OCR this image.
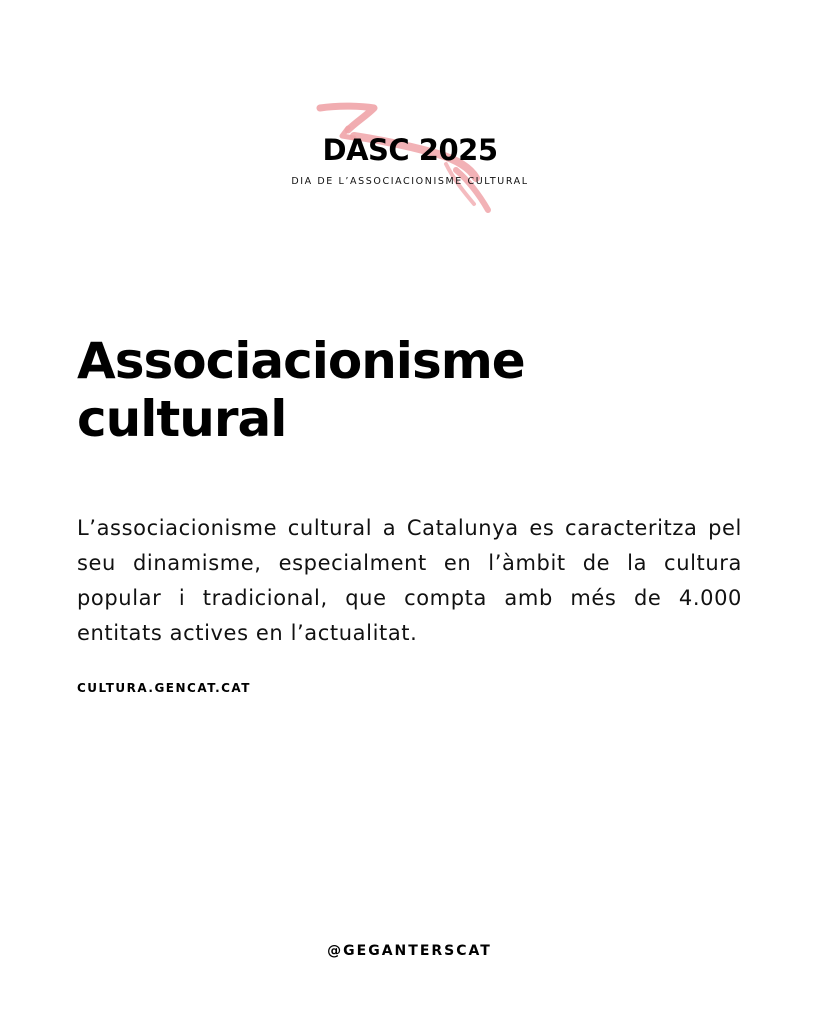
DASC 2025
DIA DE L’ASSOCIACIONISME CULTURAL
Associacionisme cultural

L’associacionisme cultural a Catalunya es caracteritza pel seu dinamisme, especialment en l’àmbit de la cultura popular i tradicional, que compta amb més de 4.000 entitats actives en l’actualitat.

CULTURA.GENCAT.CAT
@GEGANTERSCAT
